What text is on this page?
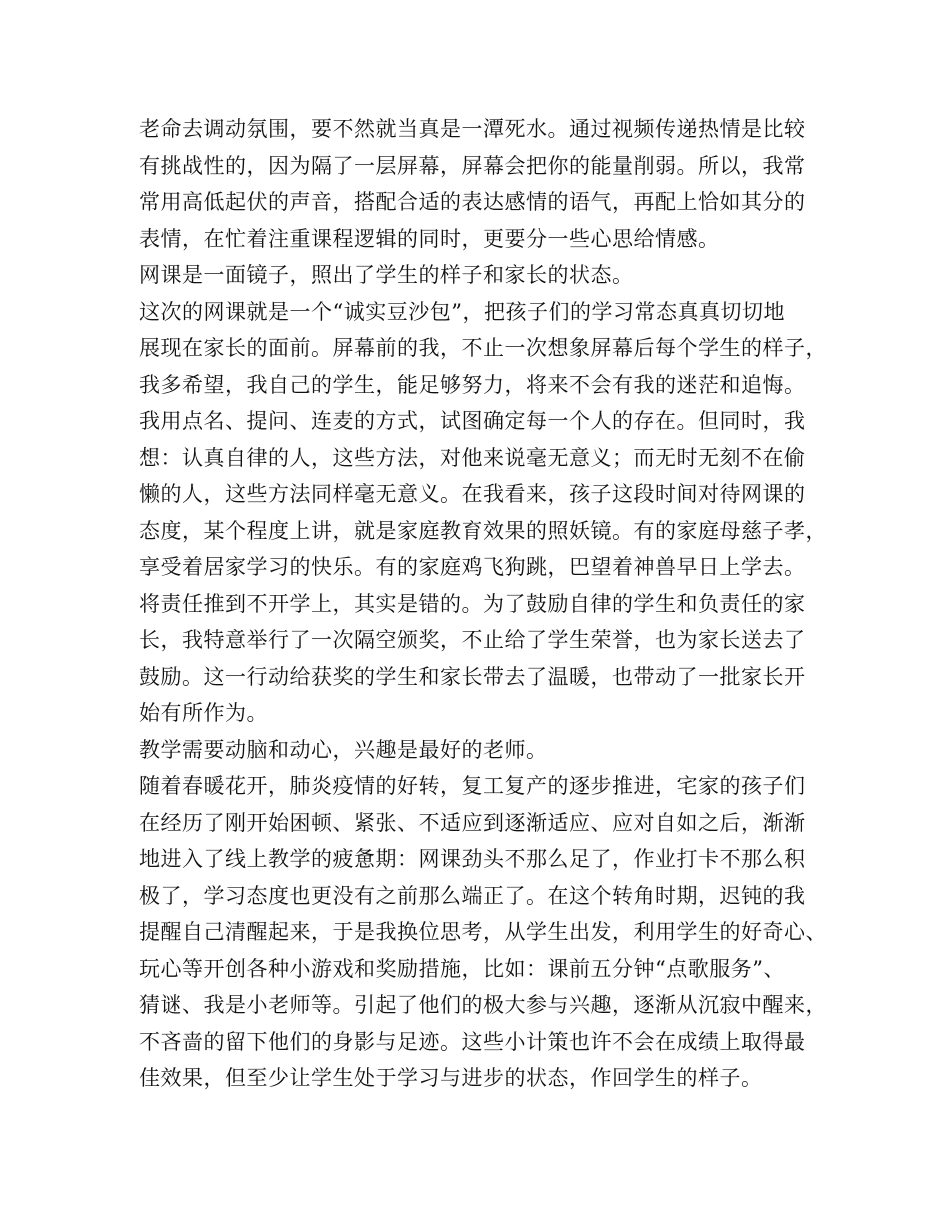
老命去调动氛围，要不然就当真是一潭死水。通过视频传递热情是比较
有挑战性的，因为隔了一层屏幕，屏幕会把你的能量削弱。所以，我常
常用高低起伏的声音，搭配合适的表达感情的语气，再配上恰如其分的
表情，在忙着注重课程逻辑的同时，更要分一些心思给情感。
网课是一面镜子，照出了学生的样子和家长的状态。
这次的网课就是一个“诚实豆沙包”，把孩子们的学习常态真真切切地
展现在家长的面前。屏幕前的我，不止一次想象屏幕后每个学生的样子，
我多希望，我自己的学生，能足够努力，将来不会有我的迷茫和追悔。
我用点名、提问、连麦的方式，试图确定每一个人的存在。但同时，我
想：认真自律的人，这些方法，对他来说毫无意义；而无时无刻不在偷
懒的人，这些方法同样毫无意义。在我看来，孩子这段时间对待网课的
态度，某个程度上讲，就是家庭教育效果的照妖镜。有的家庭母慈子孝，
享受着居家学习的快乐。有的家庭鸡飞狗跳，巴望着神兽早日上学去。
将责任推到不开学上，其实是错的。为了鼓励自律的学生和负责任的家
长，我特意举行了一次隔空颁奖，不止给了学生荣誉，也为家长送去了
鼓励。这一行动给获奖的学生和家长带去了温暖，也带动了一批家长开
始有所作为。
教学需要动脑和动心，兴趣是最好的老师。
随着春暖花开，肺炎疫情的好转，复工复产的逐步推进，宅家的孩子们
在经历了刚开始困顿、紧张、不适应到逐渐适应、应对自如之后，渐渐
地进入了线上教学的疲惫期：网课劲头不那么足了，作业打卡不那么积
极了，学习态度也更没有之前那么端正了。在这个转角时期，迟钝的我
提醒自己清醒起来，于是我换位思考，从学生出发，利用学生的好奇心、
玩心等开创各种小游戏和奖励措施，比如：课前五分钟“点歌服务”、
猜谜、我是小老师等。引起了他们的极大参与兴趣，逐渐从沉寂中醒来，
不吝啬的留下他们的身影与足迹。这些小计策也许不会在成绩上取得最
佳效果，但至少让学生处于学习与进步的状态，作回学生的样子。
